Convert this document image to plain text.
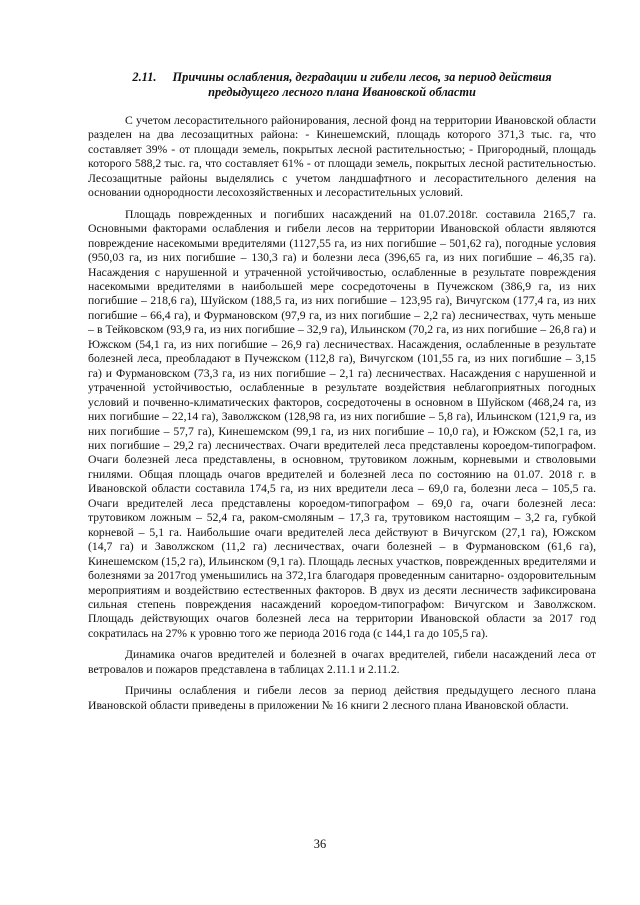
2.11. Причины ослабления, деградации и гибели лесов, за период действия
предыдущего лесного плана Ивановской области

С учетом лесорастительного районирования, лесной фонд на территории Ивановской области разделен на два лесозащитных района: - Кинешемский, площадь которого 371,3 тыс. га, что составляет 39% - от площади земель, покрытых лесной растительностью; - Пригородный, площадь которого 588,2 тыс. га, что составляет 61% - от площади земель, покрытых лесной растительностью. Лесозащитные районы выделялись с учетом ландшафтного и лесорастительного деления на основании однородности лесохозяйственных и лесорастительных условий.

Площадь поврежденных и погибших насаждений на 01.07.2018г. составила 2165,7 га. Основными факторами ослабления и гибели лесов на территории Ивановской области являются повреждение насекомыми вредителями (1127,55 га, из них погибшие – 501,62 га), погодные условия (950,03 га, из них погибшие – 130,3 га) и болезни леса (396,65 га, из них погибшие – 46,35 га). Насаждения с нарушенной и утраченной устойчивостью, ослабленные в результате повреждения насекомыми вредителями в наибольшей мере сосредоточены в Пучежском (386,9 га, из них погибшие – 218,6 га), Шуйском (188,5 га, из них погибшие – 123,95 га), Вичугском (177,4 га, из них погибшие – 66,4 га), и Фурмановском (97,9 га, из них погибшие – 2,2 га) лесничествах, чуть меньше – в Тейковском (93,9 га, из них погибшие – 32,9 га), Ильинском (70,2 га, из них погибшие – 26,8 га) и Южском (54,1 га, из них погибшие – 26,9 га) лесничествах. Насаждения, ослабленные в результате болезней леса, преобладают в Пучежском (112,8 га), Вичугском (101,55 га, из них погибшие – 3,15 га) и Фурмановском (73,3 га, из них погибшие – 2,1 га) лесничествах. Насаждения с нарушенной и утраченной устойчивостью, ослабленные в результате воздействия неблагоприятных погодных условий и почвенно-климатических факторов, сосредоточены в основном в Шуйском (468,24 га, из них погибшие – 22,14 га), Заволжском (128,98 га, из них погибшие – 5,8 га), Ильинском (121,9 га, из них погибшие – 57,7 га), Кинешемском (99,1 га, из них погибшие – 10,0 га), и Южском (52,1 га, из них погибшие – 29,2 га) лесничествах. Очаги вредителей леса представлены короедом-типографом. Очаги болезней леса представлены, в основном, трутовиком ложным, корневыми и стволовыми гнилями. Общая площадь очагов вредителей и болезней леса по состоянию на 01.07. 2018 г. в Ивановской области составила 174,5 га, из них вредители леса – 69,0 га, болезни леса – 105,5 га. Очаги вредителей леса представлены короедом-типографом – 69,0 га, очаги болезней леса: трутовиком ложным – 52,4 га, раком-смоляным – 17,3 га, трутовиком настоящим – 3,2 га, губкой корневой – 5,1 га. Наибольшие очаги вредителей леса действуют в Вичугском (27,1 га), Южском (14,7 га) и Заволжском (11,2 га) лесничествах, очаги болезней – в Фурмановском (61,6 га), Кинешемском (15,2 га), Ильинском (9,1 га). Площадь лесных участков, поврежденных вредителями и болезнями за 2017год уменьшились на 372,1га благодаря проведенным санитарно- оздоровительным мероприятиям и воздействию естественных факторов. В двух из десяти лесничеств зафиксирована сильная степень повреждения насаждений короедом-типографом: Вичугском и Заволжском. Площадь действующих очагов болезней леса на территории Ивановской области за 2017 год сократилась на 27% к уровню того же периода 2016 года (с 144,1 га до 105,5 га).

Динамика очагов вредителей и болезней в очагах вредителей, гибели насаждений леса от ветровалов и пожаров представлена в таблицах 2.11.1 и 2.11.2.

Причины ослабления и гибели лесов за период действия предыдущего лесного плана Ивановской области приведены в приложении № 16 книги 2 лесного плана Ивановской области.

36
